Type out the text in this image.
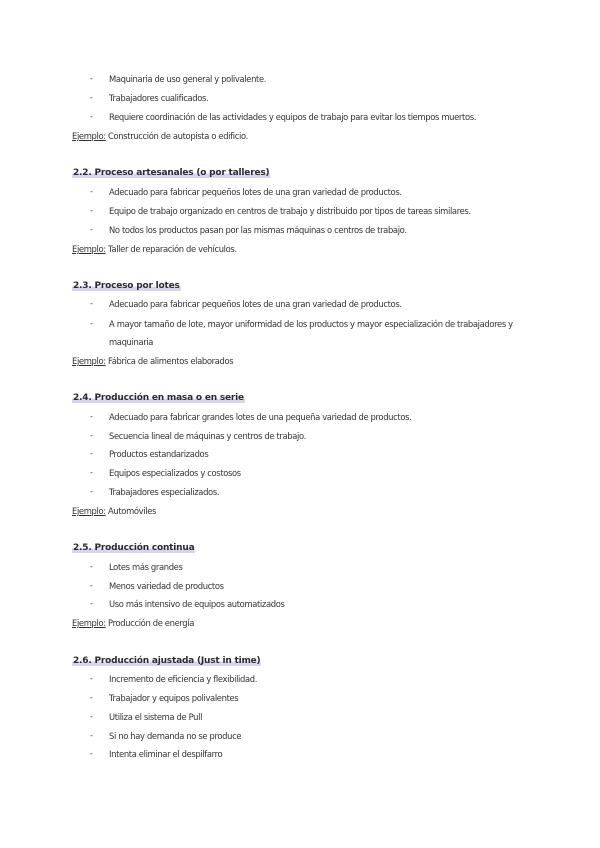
- Maquinaria de uso general y polivalente.
- Trabajadores cualificados.
- Requiere coordinación de las actividades y equipos de trabajo para evitar los tiempos muertos.
Ejemplo: Construcción de autopista o edificio.
2.2. Proceso artesanales (o por talleres)
- Adecuado para fabricar pequeños lotes de una gran variedad de productos.
- Equipo de trabajo organizado en centros de trabajo y distribuido por tipos de tareas similares.
- No todos los productos pasan por las mismas máquinas o centros de trabajo.
Ejemplo: Taller de reparación de vehículos.
2.3. Proceso por lotes
- Adecuado para fabricar pequeños lotes de una gran variedad de productos.
- A mayor tamaño de lote, mayor uniformidad de los productos y mayor especialización de trabajadores y
maquinaria
Ejemplo: Fábrica de alimentos elaborados
2.4. Producción en masa o en serie
- Adecuado para fabricar grandes lotes de una pequeña variedad de productos.
- Secuencia lineal de máquinas y centros de trabajo.
- Productos estandarizados
- Equipos especializados y costosos
- Trabajadores especializados.
Ejemplo: Automóviles
2.5. Producción continua
- Lotes más grandes
- Menos variedad de productos
- Uso más intensivo de equipos automatizados
Ejemplo: Producción de energía
2.6. Producción ajustada (Just in time)
- Incremento de eficiencia y flexibilidad.
- Trabajador y equipos polivalentes
- Utiliza el sistema de Pull
- Si no hay demanda no se produce
- Intenta eliminar el despilfarro
